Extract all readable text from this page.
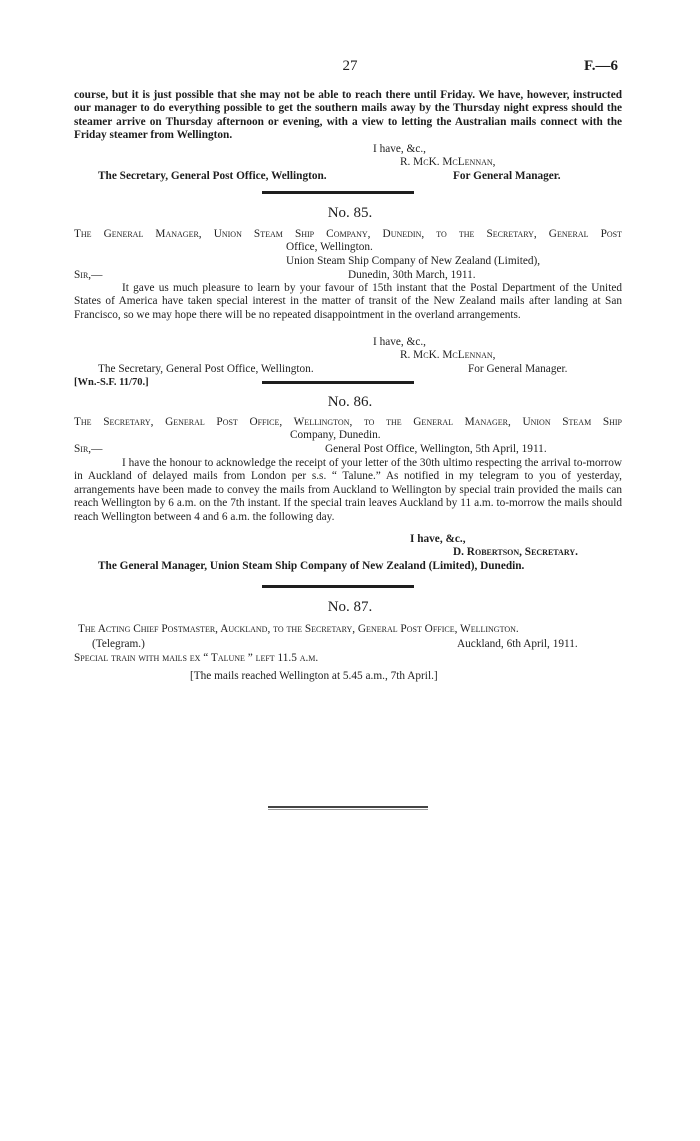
27	F.—6
course, but it is just possible that she may not be able to reach there until Friday. We have, however, instructed our manager to do everything possible to get the southern mails away by the Thursday night express should the steamer arrive on Thursday afternoon or evening, with a view to letting the Australian mails connect with the Friday steamer from Wellington.
I have, &c.,
R. McK. McLennan,
The Secretary, General Post Office, Wellington.	For General Manager.
No. 85.
The General Manager, Union Steam Ship Company, Dunedin, to the Secretary, General Post
Office, Wellington.
Union Steam Ship Company of New Zealand (Limited),
Sir,—	Dunedin, 30th March, 1911.
It gave us much pleasure to learn by your favour of 15th instant that the Postal Department of the United States of America have taken special interest in the matter of transit of the New Zealand mails after landing at San Francisco, so we may hope there will be no repeated disappointment in the overland arrangements.
I have, &c.,
R. McK. McLennan,
The Secretary, General Post Office, Wellington.	For General Manager.
[Wn.-S.F. 11/70.]
No. 86.
The Secretary, General Post Office, Wellington, to the General Manager, Union Steam Ship
Company, Dunedin.
Sir,—	General Post Office, Wellington, 5th April, 1911.
I have the honour to acknowledge the receipt of your letter of the 30th ultimo respecting the arrival to-morrow in Auckland of delayed mails from London per s.s. “ Talune.” As notified in my telegram to you of yesterday, arrangements have been made to convey the mails from Auckland to Wellington by special train provided the mails can reach Wellington by 6 a.m. on the 7th instant. If the special train leaves Auckland by 11 a.m. to-morrow the mails should reach Wellington between 4 and 6 a.m. the following day.
I have, &c.,
D. Robertson, Secretary.
The General Manager, Union Steam Ship Company of New Zealand (Limited), Dunedin.
No. 87.
The Acting Chief Postmaster, Auckland, to the Secretary, General Post Office, Wellington.
(Telegram.)	Auckland, 6th April, 1911.
Special train with mails ex “ Talune ” left 11.5 a.m.
[The mails reached Wellington at 5.45 a.m., 7th April.]
